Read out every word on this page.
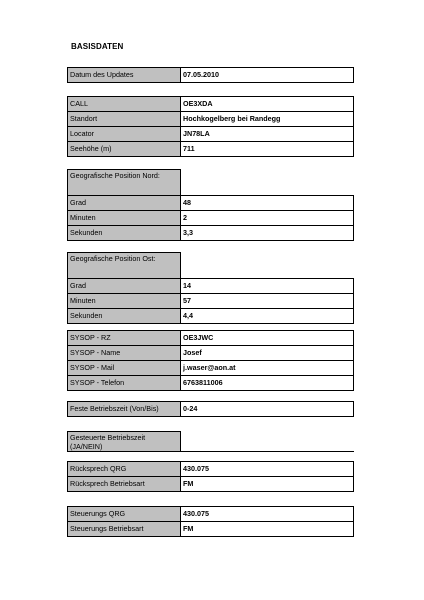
BASISDATEN
Datum des Updates	07.05.2010
CALL	OE3XDA
Standort	Hochkogelberg bei Randegg
Locator	JN78LA
Seehöhe (m)	711
Geografische Position Nord:	
Grad	48
Minuten	2
Sekunden	3,3
Geografische Position Ost:	
Grad	14
Minuten	57
Sekunden	4,4
SYSOP - RZ	OE3JWC
SYSOP - Name	Josef
SYSOP - Mail	j.waser@aon.at
SYSOP - Telefon	6763811006
Feste Betriebszeit (Von/Bis)	0-24
Gesteuerte Betriebszeit (JA/NEIN)	
Rücksprech QRG	430.075
Rücksprech Betriebsart	FM
Steuerungs QRG	430.075
Steuerungs Betriebsart	FM
